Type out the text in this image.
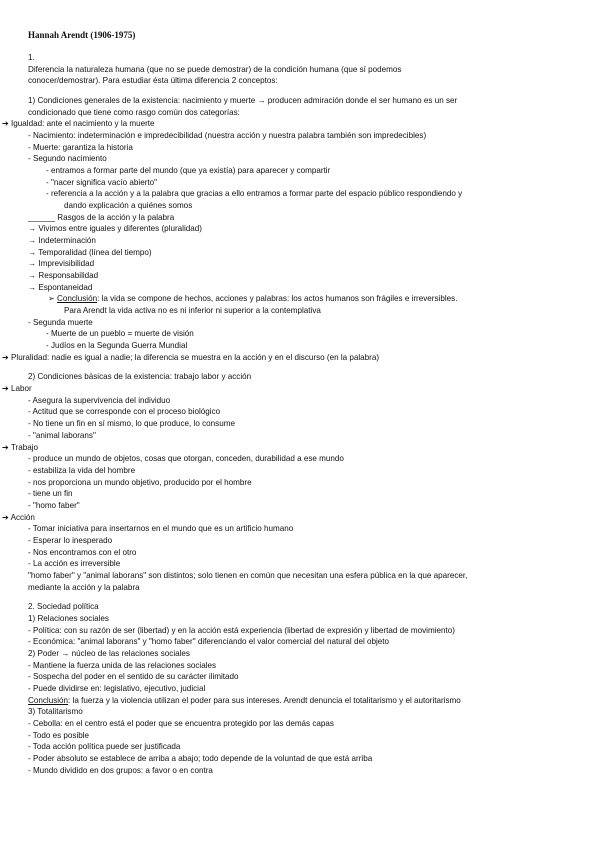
Hannah Arendt (1906-1975)
1.
Diferencia la naturaleza humana (que no se puede demostrar) de la condición humana (que sí podemos
conocer/demostrar). Para estudiar ésta última diferencia 2 conceptos:
1) Condiciones generales de la existencia: nacimiento y muerte → producen admiración donde el ser humano es un ser
condicionado que tiene como rasgo común dos categorías:
➔ Igualdad: ante el nacimiento y la muerte
- Nacimiento: indeterminación e impredecibilidad (nuestra acción y nuestra palabra también son impredecibles)
- Muerte: garantiza la historia
- Segundo nacimiento
- entramos a formar parte del mundo (que ya existía) para aparecer y compartir
- "nacer significa vacío abierto"
- referencia a la acción y a la palabra que gracias a ello entramos a formar parte del espacio público respondiendo y
dando explicación a quiénes somos
______ Rasgos de la acción y la palabra
→ Vivimos entre iguales y diferentes (pluralidad)
→ Indeterminación
→ Temporalidad (línea del tiempo)
→ Imprevisibilidad
→ Responsabilidad
→ Espontaneidad
➢ Conclusión: la vida se compone de hechos, acciones y palabras: los actos humanos son frágiles e irreversibles.
Para Arendt la vida activa no es ni inferior ni superior a la contemplativa
- Segunda muerte
- Muerte de un pueblo = muerte de visión
- Judíos en la Segunda Guerra Mundial
➔ Pluralidad: nadie es igual a nadie; la diferencia se muestra en la acción y en el discurso (en la palabra)
2) Condiciones básicas de la existencia: trabajo labor y acción
➔ Labor
- Asegura la supervivencia del individuo
- Actitud que se corresponde con el proceso biológico
- No tiene un fin en sí mismo, lo que produce, lo consume
- "animal laborans"
➔ Trabajo
- produce un mundo de objetos, cosas que otorgan, conceden, durabilidad a ese mundo
- estabiliza la vida del hombre
- nos proporciona un mundo objetivo, producido por el hombre
- tiene un fin
- "homo faber"
➔ Acción
- Tomar iniciativa para insertarnos en el mundo que es un artificio humano
- Esperar lo inesperado
- Nos encontramos con el otro
- La acción es irreversible
"homo faber" y "animal laborans" son distintos; solo tienen en común que necesitan una esfera pública en la que aparecer,
mediante la acción y la palabra
2. Sociedad política
1) Relaciones sociales
- Política: con su razón de ser (libertad) y en la acción está experiencia (libertad de expresión y libertad de movimiento)
- Económica: "animal laborans" y "homo faber" diferenciando el valor comercial del natural del objeto
2) Poder → núcleo de las relaciones sociales
- Mantiene la fuerza unida de las relaciones sociales
- Sospecha del poder en el sentido de su carácter ilimitado
- Puede dividirse en: legislativo, ejecutivo, judicial
Conclusión: la fuerza y la violencia utilizan el poder para sus intereses. Arendt denuncia el totalitarismo y el autoritarismo
3) Totalitarismo
- Cebolla: en el centro está el poder que se encuentra protegido por las demás capas
- Todo es posible
- Toda acción política puede ser justificada
- Poder absoluto se establece de arriba a abajo; todo depende de la voluntad de que está arriba
- Mundo dividido en dos grupos: a favor o en contra
